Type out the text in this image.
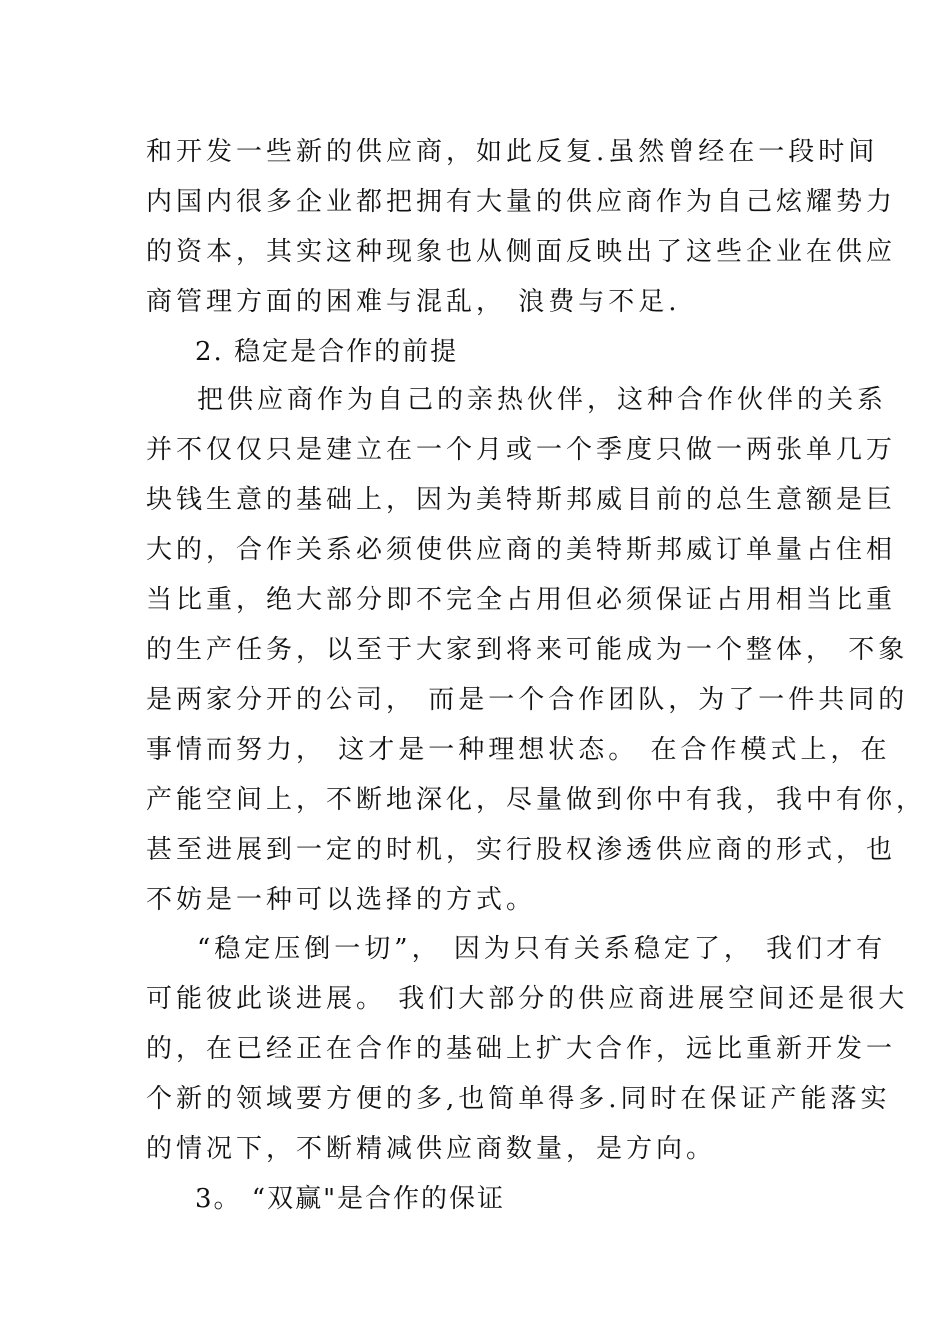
和开发一些新的供应商，如此反复.虽然曾经在一段时间
内国内很多企业都把拥有大量的供应商作为自己炫耀势力
的资本，其实这种现象也从侧面反映出了这些企业在供应
商管理方面的困难与混乱， 浪费与不足.
2. 稳定是合作的前提
把供应商作为自己的亲热伙伴，这种合作伙伴的关系
并不仅仅只是建立在一个月或一个季度只做一两张单几万
块钱生意的基础上，因为美特斯邦威目前的总生意额是巨
大的，合作关系必须使供应商的美特斯邦威订单量占住相
当比重，绝大部分即不完全占用但必须保证占用相当比重
的生产任务，以至于大家到将来可能成为一个整体， 不象
是两家分开的公司， 而是一个合作团队，为了一件共同的
事情而努力， 这才是一种理想状态。 在合作模式上，在
产能空间上，不断地深化，尽量做到你中有我，我中有你，
甚至进展到一定的时机，实行股权渗透供应商的形式，也
不妨是一种可以选择的方式。
“稳定压倒一切”， 因为只有关系稳定了， 我们才有
可能彼此谈进展。 我们大部分的供应商进展空间还是很大
的，在已经正在合作的基础上扩大合作，远比重新开发一
个新的领域要方便的多,也简单得多.同时在保证产能落实
的情况下，不断精减供应商数量，是方向。
3。 “双赢"是合作的保证
